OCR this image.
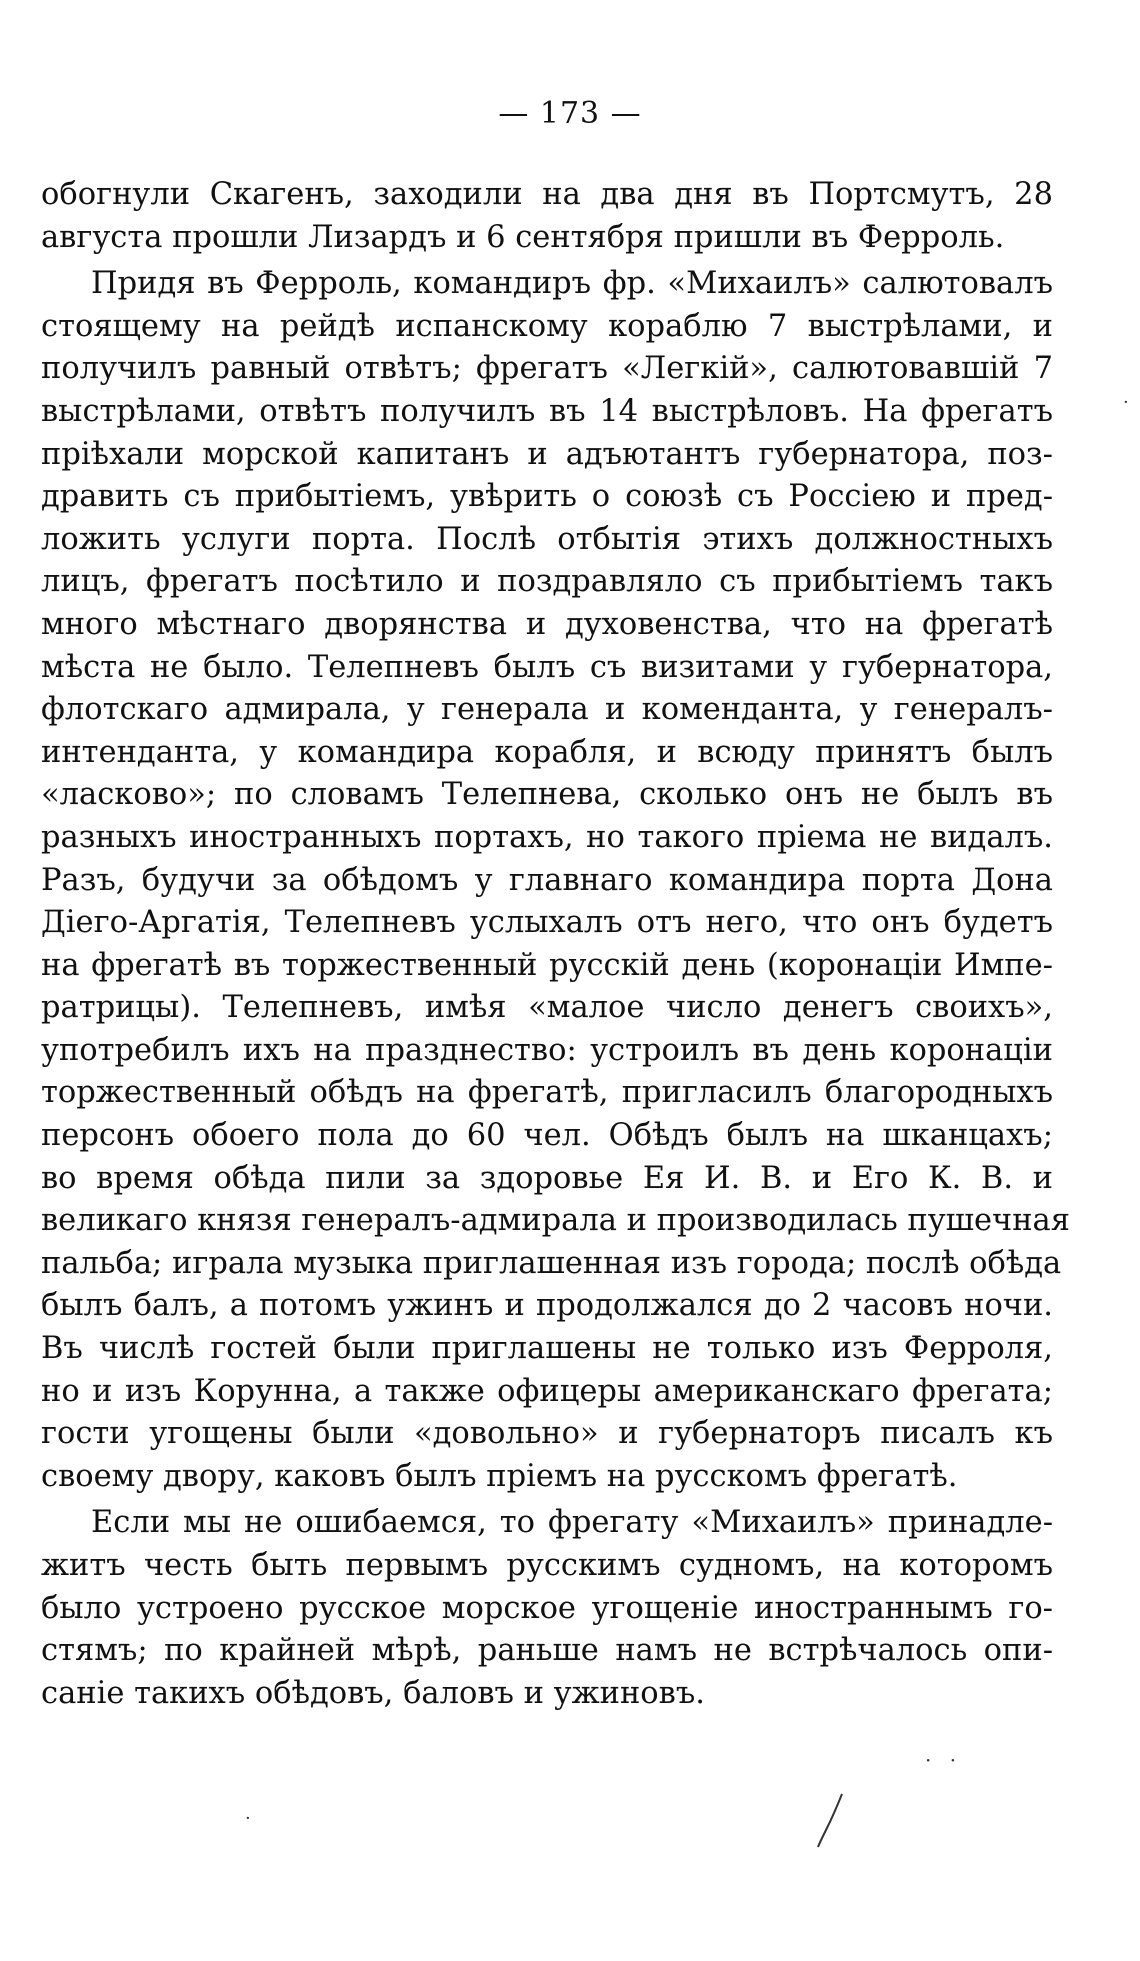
— 173 —
обогнули Скагенъ, заходили на два дня въ Портсмутъ, 28
августа прошли Лизардъ и 6 сентября пришли въ Ферроль.
Придя въ Ферроль, командиръ фр. «Михаилъ» салютовалъ
стоящему на рейдѣ испанскому кораблю 7 выстрѣлами, и
получилъ равный отвѣтъ; фрегатъ «Легкій», салютовавшій 7
выстрѣлами, отвѣтъ получилъ въ 14 выстрѣловъ. На фрегатъ
пріѣхали морской капитанъ и адъютантъ губернатора, поз-
дравить съ прибытіемъ, увѣрить о союзѣ съ Россіею и пред-
ложить услуги порта. Послѣ отбытія этихъ должностныхъ
лицъ, фрегатъ посѣтило и поздравляло съ прибытіемъ такъ
много мѣстнаго дворянства и духовенства, что на фрегатѣ
мѣста не было. Телепневъ былъ съ визитами у губернатора,
флотскаго адмирала, у генерала и коменданта, у генералъ-
интенданта, у командира корабля, и всюду принятъ былъ
«ласково»; по словамъ Телепнева, сколько онъ не былъ въ
разныхъ иностранныхъ портахъ, но такого пріема не видалъ.
Разъ, будучи за обѣдомъ у главнаго командира порта Дона
Діего-Аргатія, Телепневъ услыхалъ отъ него, что онъ будетъ
на фрегатѣ въ торжественный русскій день (коронаціи Импе-
ратрицы). Телепневъ, имѣя «малое число денегъ своихъ»,
употребилъ ихъ на празднество: устроилъ въ день коронаціи
торжественный обѣдъ на фрегатѣ, пригласилъ благородныхъ
персонъ обоего пола до 60 чел. Обѣдъ былъ на шканцахъ;
во время обѣда пили за здоровье Ея И. В. и Его К. В. и
великаго князя генералъ-адмирала и производилась пушечная
пальба; играла музыка приглашенная изъ города; послѣ обѣда
былъ балъ, а потомъ ужинъ и продолжался до 2 часовъ ночи.
Въ числѣ гостей были приглашены не только изъ Ферроля,
но и изъ Корунна, а также офицеры американскаго фрегата;
гости угощены были «довольно» и губернаторъ писалъ къ
своему двору, каковъ былъ пріемъ на русскомъ фрегатѣ.
Если мы не ошибаемся, то фрегату «Михаилъ» принадле-
житъ честь быть первымъ русскимъ судномъ, на которомъ
было устроено русское морское угощеніе иностраннымъ го-
стямъ; по крайней мѣрѣ, раньше намъ не встрѣчалось опи-
саніе такихъ обѣдовъ, баловъ и ужиновъ.
·
· ·
·
